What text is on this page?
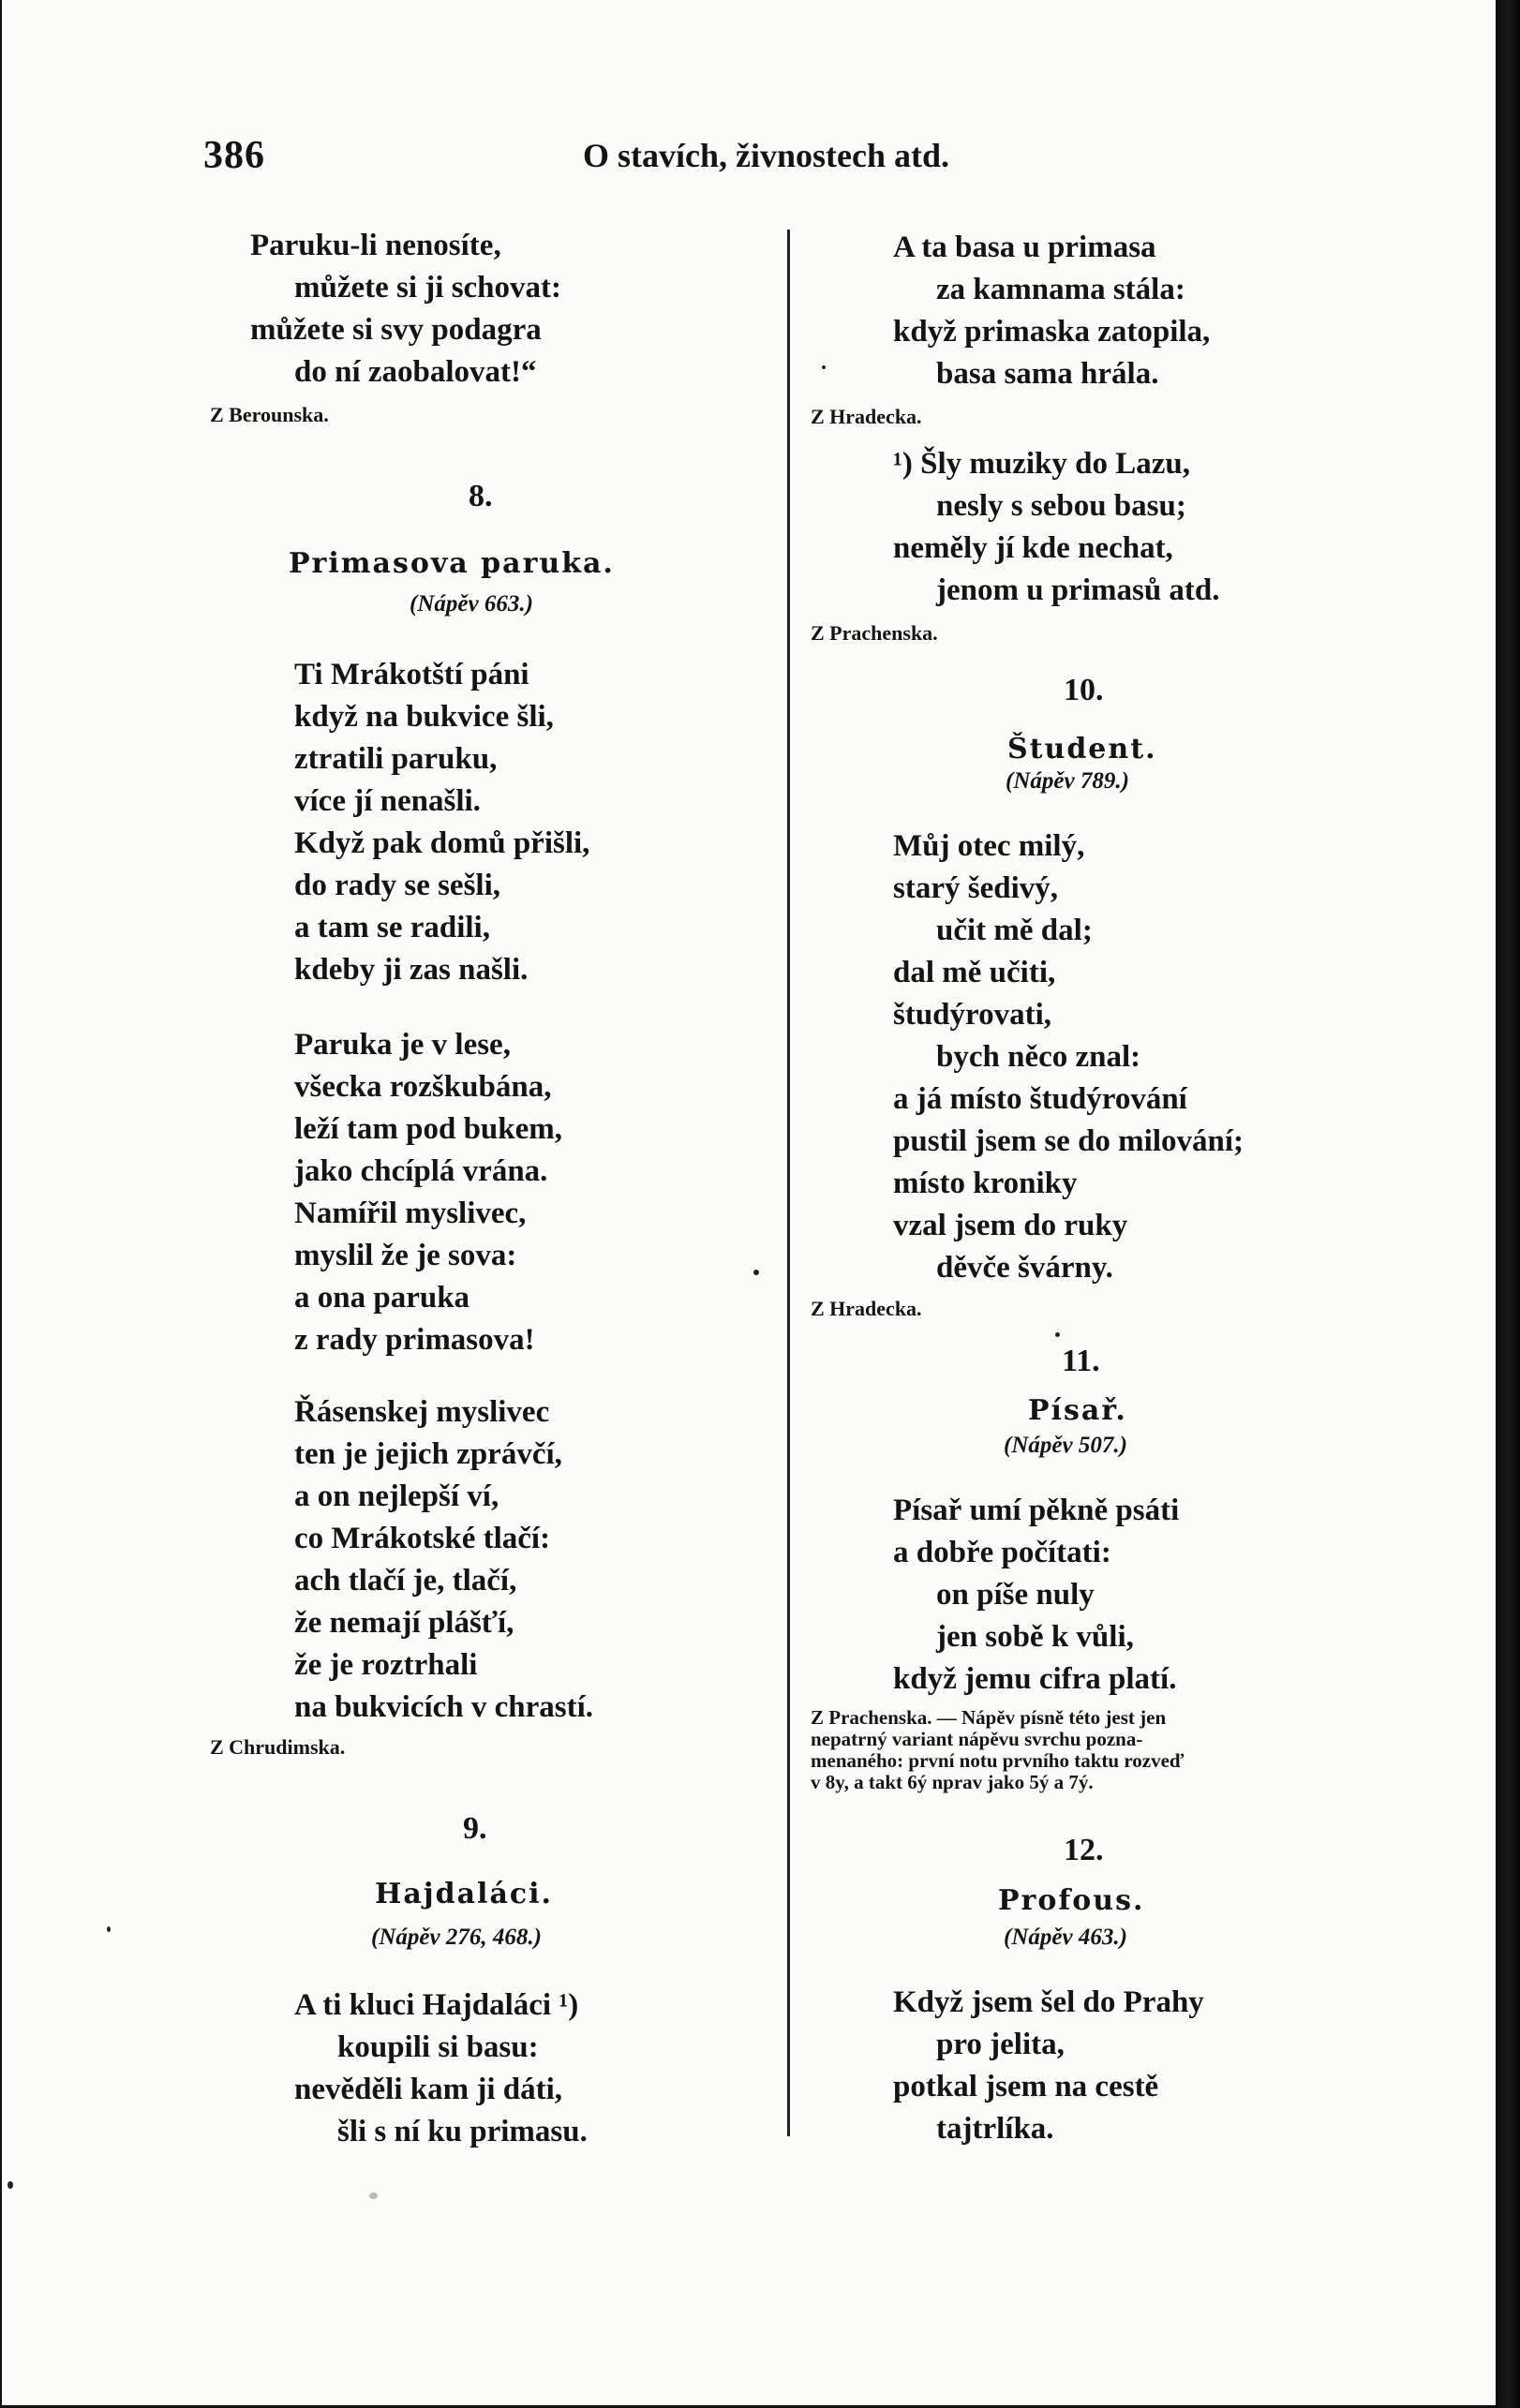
386	O stavích, živnostech atd.
Paruku-li nenosíte,
můžete si ji schovat:
můžete si svy podagra
do ní zaobalovat!“
Z Berounska.
8.
Primasova paruka.
(Nápěv 663.)
Ti Mrákotští páni
když na bukvice šli,
ztratili paruku,
více jí nenašli.
Když pak domů přišli,
do rady se sešli,
a tam se radili,
kdeby ji zas našli.
Paruka je v lese,
všecka rozškubána,
leží tam pod bukem,
jako chcíplá vrána.
Namířil myslivec,
myslil že je sova:
a ona paruka
z rady primasova!
Řásenskej myslivec
ten je jejich zprávčí,
a on nejlepší ví,
co Mrákotské tlačí:
ach tlačí je, tlačí,
že nemají plášťí,
že je roztrhali
na bukvicích v chrastí.
Z Chrudimska.
9.
Hajdaláci.
(Nápěv 276, 468.)
A ti kluci Hajdaláci ¹)
koupili si basu:
nevěděli kam ji dáti,
šli s ní ku primasu.
A ta basa u primasa
za kamnama stála:
když primaska zatopila,
basa sama hrála.
Z Hradecka.
¹) Šly muziky do Lazu,
nesly s sebou basu;
neměly jí kde nechat,
jenom u primasů atd.
Z Prachenska.
10.
Študent.
(Nápěv 789.)
Můj otec milý,
starý šedivý,
učit mě dal;
dal mě učiti,
študýrovati,
bych něco znal:
a já místo študýrování
pustil jsem se do milování;
místo kroniky
vzal jsem do ruky
děvče švárny.
Z Hradecka.
11.
Písař.
(Nápěv 507.)
Písař umí pěkně psáti
a dobře počítati:
on píše nuly
jen sobě k vůli,
když jemu cifra platí.
Z Prachenska. — Nápěv písně této jest jen
nepatrný variant nápěvu svrchu pozna-
menaného: první notu prvního taktu rozveď
v 8y, a takt 6ý nprav jako 5ý a 7ý.
12.
Profous.
(Nápěv 463.)
Když jsem šel do Prahy
pro jelita,
potkal jsem na cestě
tajtrlíka.
